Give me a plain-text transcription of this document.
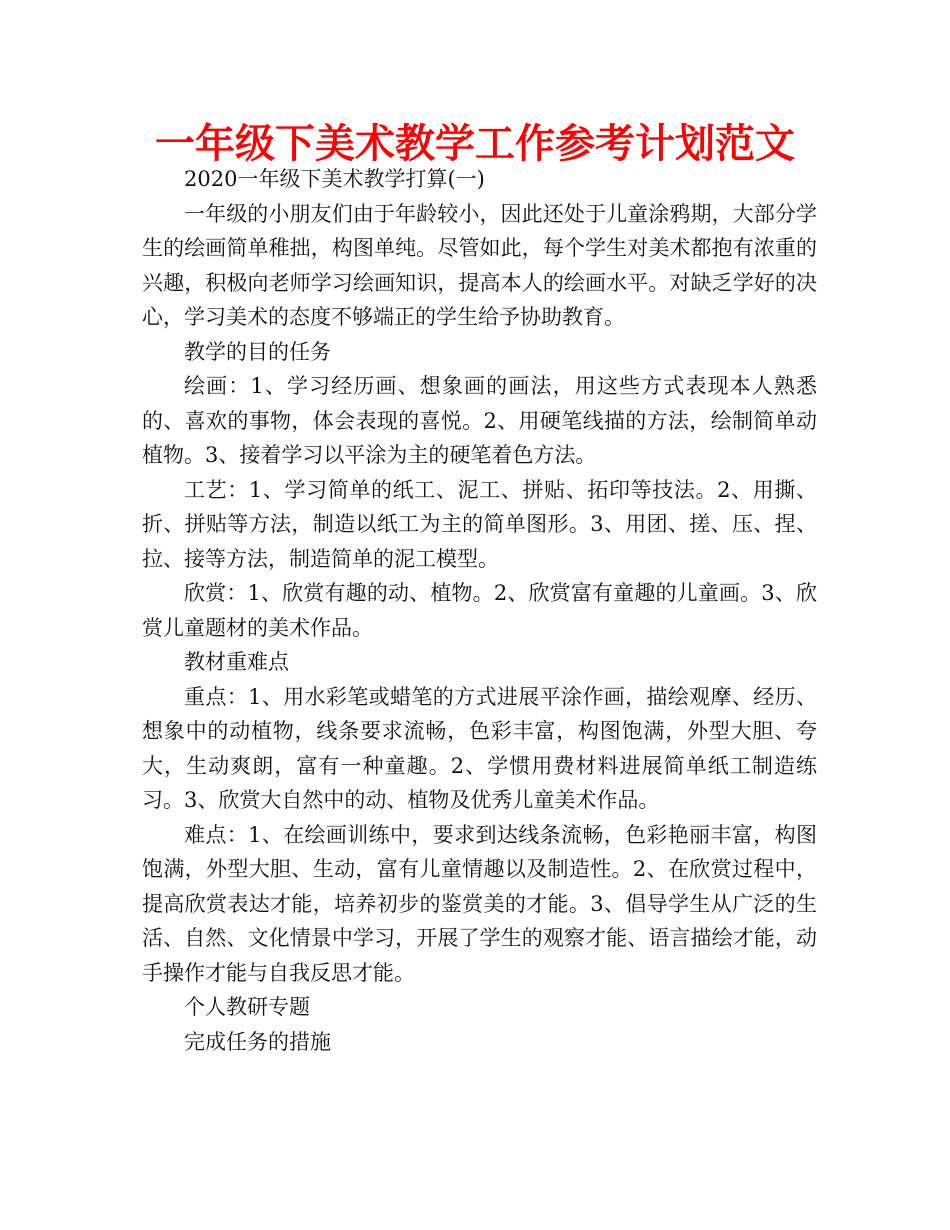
一年级下美术教学工作参考计划范文

2020一年级下美术教学打算(一)

一年级的小朋友们由于年龄较小，因此还处于儿童涂鸦期，大部分学生的绘画简单稚拙，构图单纯。尽管如此，每个学生对美术都抱有浓重的兴趣，积极向老师学习绘画知识，提高本人的绘画水平。对缺乏学好的决心，学习美术的态度不够端正的学生给予协助教育。

教学的目的任务

绘画：1、学习经历画、想象画的画法，用这些方式表现本人熟悉的、喜欢的事物，体会表现的喜悦。2、用硬笔线描的方法，绘制简单动植物。3、接着学习以平涂为主的硬笔着色方法。

工艺：1、学习简单的纸工、泥工、拼贴、拓印等技法。2、用撕、折、拼贴等方法，制造以纸工为主的简单图形。3、用团、搓、压、捏、拉、接等方法，制造简单的泥工模型。

欣赏：1、欣赏有趣的动、植物。2、欣赏富有童趣的儿童画。3、欣赏儿童题材的美术作品。

教材重难点

重点：1、用水彩笔或蜡笔的方式进展平涂作画，描绘观摩、经历、想象中的动植物，线条要求流畅，色彩丰富，构图饱满，外型大胆、夸大，生动爽朗，富有一种童趣。2、学惯用费材料进展简单纸工制造练习。3、欣赏大自然中的动、植物及优秀儿童美术作品。

难点：1、在绘画训练中，要求到达线条流畅，色彩艳丽丰富，构图饱满，外型大胆、生动，富有儿童情趣以及制造性。2、在欣赏过程中，提高欣赏表达才能，培养初步的鉴赏美的才能。3、倡导学生从广泛的生活、自然、文化情景中学习，开展了学生的观察才能、语言描绘才能，动手操作才能与自我反思才能。

个人教研专题

完成任务的措施
